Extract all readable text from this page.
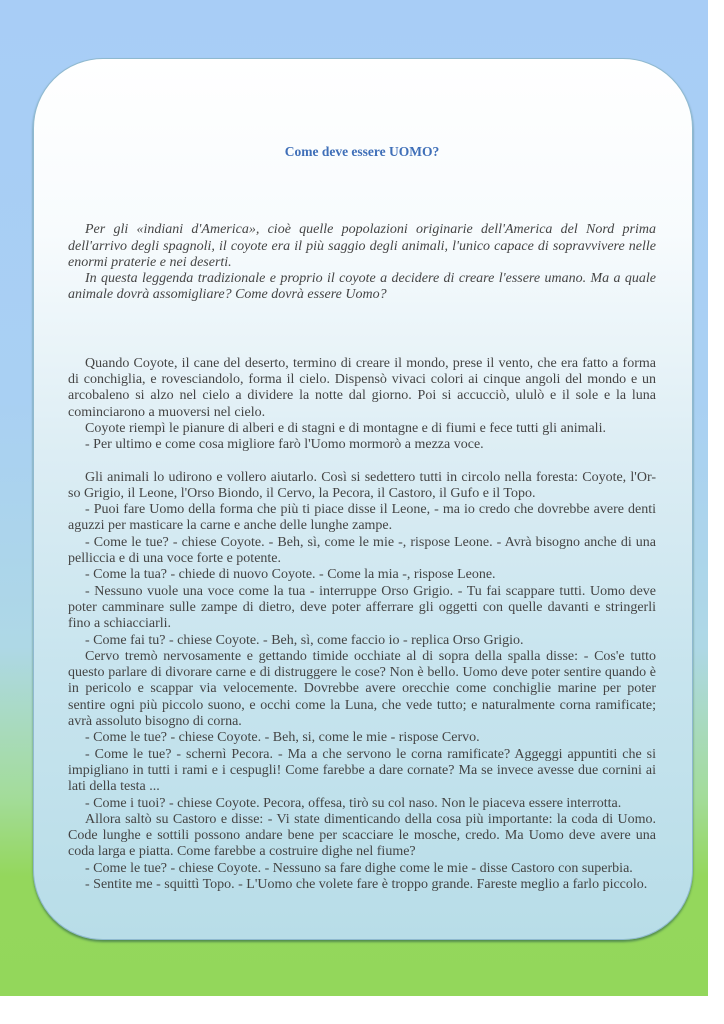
Come deve essere UOMO?

Per gli «indiani d'America», cioè quelle popolazioni originarie dell'America del Nord prima dell'arrivo degli spagnoli, il coyote era il più saggio degli animali, l'unico capace di sopravvivere nelle enormi praterie e nei deserti.

In questa leggenda tradizionale e proprio il coyote a decidere di creare l'essere umano. Ma a quale animale dovrà assomigliare? Come dovrà essere Uomo?

Quando Coyote, il cane del deserto, termino di creare il mondo, prese il vento, che era fatto a forma di conchiglia, e rovesciandolo, forma il cielo. Dispensò vivaci colori ai cinque angoli del mondo e un arcobaleno si alzo nel cielo a dividere la notte dal giorno. Poi si accucciò, ululò e il sole e la luna cominciarono a muoversi nel cielo.

Coyote riempì le pianure di alberi e di stagni e di montagne e di fiumi e fece tutti gli animali.

- Per ultimo e come cosa migliore farò l'Uomo mormorò a mezza voce.

Gli animali lo udirono e vollero aiutarlo. Così si sedettero tutti in circolo nella foresta: Coyote, l'Or-so Grigio, il Leone, l'Orso Biondo, il Cervo, la Pecora, il Castoro, il Gufo e il Topo.

- Puoi fare Uomo della forma che più ti piace disse il Leone, - ma io credo che dovrebbe avere denti aguzzi per masticare la carne e anche delle lunghe zampe.

- Come le tue? - chiese Coyote. - Beh, sì, come le mie -, rispose Leone. - Avrà bisogno anche di una pelliccia e di una voce forte e potente.

- Come la tua? - chiede di nuovo Coyote. - Come la mia -, rispose Leone.

- Nessuno vuole una voce come la tua - interruppe Orso Grigio. - Tu fai scappare tutti. Uomo deve poter camminare sulle zampe di dietro, deve poter afferrare gli oggetti con quelle davanti e stringerli fino a schiacciarli.

- Come fai tu? - chiese Coyote. - Beh, sì, come faccio io - replica Orso Grigio.

Cervo tremò nervosamente e gettando timide occhiate al di sopra della spalla disse: - Cos'e tutto questo parlare di divorare carne e di distruggere le cose? Non è bello. Uomo deve poter sentire quando è in pericolo e scappar via velocemente. Dovrebbe avere orecchie come conchiglie marine per poter sentire ogni più piccolo suono, e occhi come la Luna, che vede tutto; e naturalmente corna ramificate; avrà assoluto bisogno di corna.

- Come le tue? - chiese Coyote. - Beh, si, come le mie - rispose Cervo.

- Come le tue? - schernì Pecora. - Ma a che servono le corna ramificate? Aggeggi appuntiti che si impigliano in tutti i rami e i cespugli! Come farebbe a dare cornate? Ma se invece avesse due cornini ai lati della testa ...

- Come i tuoi? - chiese Coyote. Pecora, offesa, tirò su col naso. Non le piaceva essere interrotta.

Allora saltò su Castoro e disse: - Vi state dimenticando della cosa più importante: la coda di Uomo. Code lunghe e sottili possono andare bene per scacciare le mosche, credo. Ma Uomo deve avere una coda larga e piatta. Come farebbe a costruire dighe nel fiume?

- Come le tue? - chiese Coyote. - Nessuno sa fare dighe come le mie - disse Castoro con superbia.

- Sentite me - squittì Topo. - L'Uomo che volete fare è troppo grande. Fareste meglio a farlo piccolo.
